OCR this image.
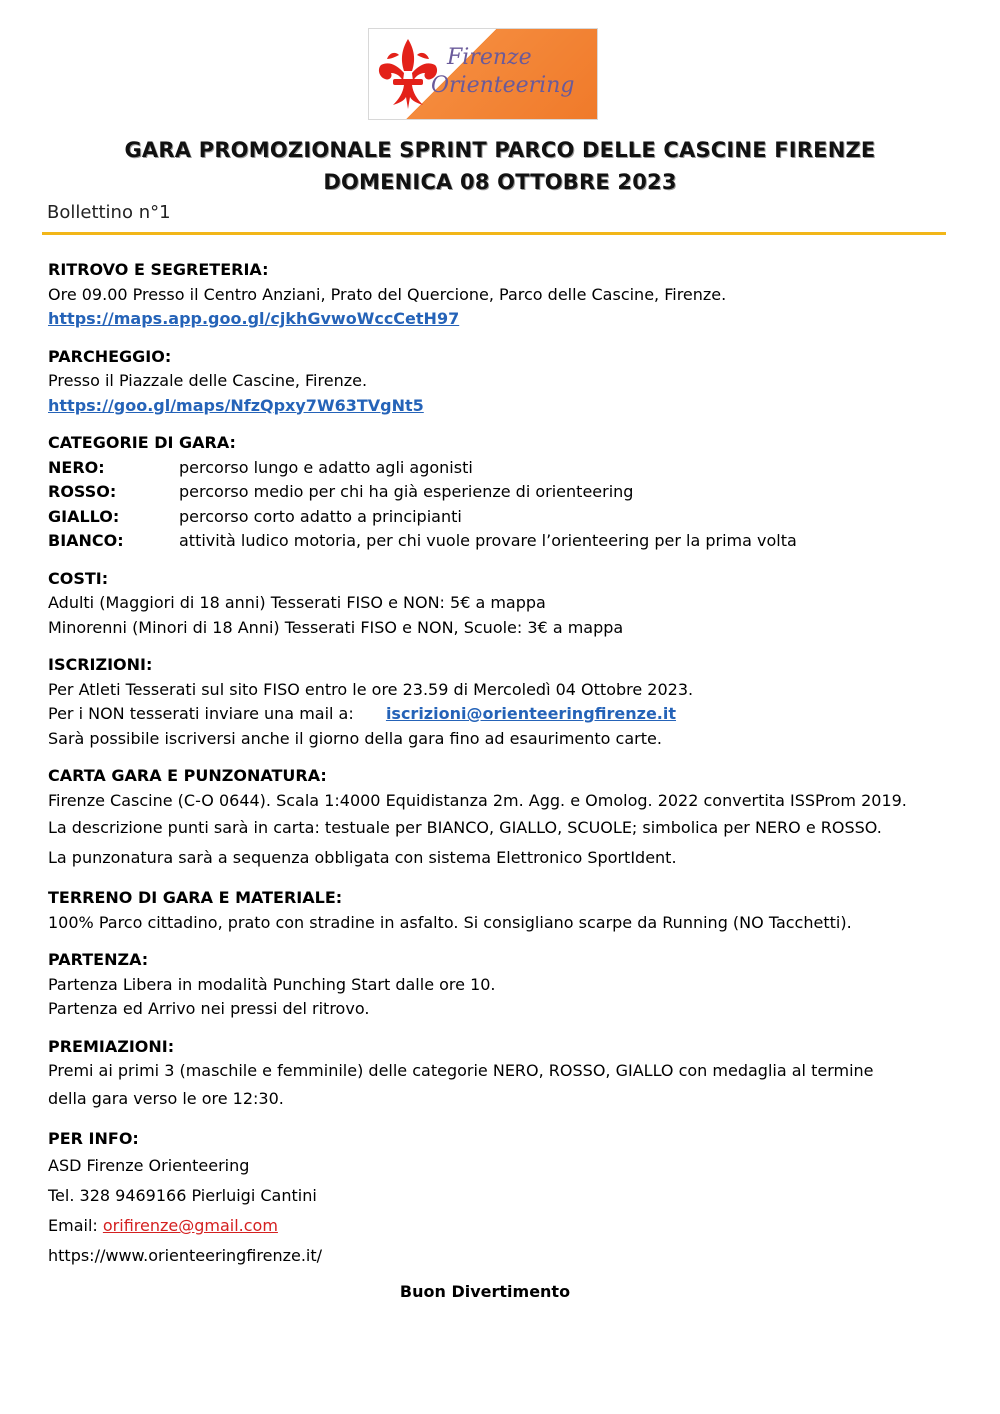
Firenze
Orienteering
GARA PROMOZIONALE SPRINT PARCO DELLE CASCINE FIRENZE
DOMENICA 08 OTTOBRE 2023
Bollettino n°1
RITROVO E SEGRETERIA:
Ore 09.00 Presso il Centro Anziani, Prato del Quercione, Parco delle Cascine, Firenze.
https://maps.app.goo.gl/cjkhGvwoWccCetH97
PARCHEGGIO:
Presso il Piazzale delle Cascine, Firenze.
https://goo.gl/maps/NfzQpxy7W63TVgNt5
CATEGORIE DI GARA:
NERO:	percorso lungo e adatto agli agonisti
ROSSO:	percorso medio per chi ha già esperienze di orienteering
GIALLO:	percorso corto adatto a principianti
BIANCO:	attività ludico motoria, per chi vuole provare l’orienteering per la prima volta
COSTI:
Adulti (Maggiori di 18 anni) Tesserati FISO e NON: 5€ a mappa
Minorenni (Minori di 18 Anni) Tesserati FISO e NON, Scuole: 3€ a mappa
ISCRIZIONI:
Per Atleti Tesserati sul sito FISO entro le ore 23.59 di Mercoledì 04 Ottobre 2023.
Per i NON tesserati inviare una mail a: iscrizioni@orienteeringfirenze.it
Sarà possibile iscriversi anche il giorno della gara fino ad esaurimento carte.
CARTA GARA E PUNZONATURA:
Firenze Cascine (C-O 0644). Scala 1:4000 Equidistanza 2m. Agg. e Omolog. 2022 convertita ISSProm 2019.
La descrizione punti sarà in carta: testuale per BIANCO, GIALLO, SCUOLE; simbolica per NERO e ROSSO.
La punzonatura sarà a sequenza obbligata con sistema Elettronico SportIdent.
TERRENO DI GARA E MATERIALE:
100% Parco cittadino, prato con stradine in asfalto. Si consigliano scarpe da Running (NO Tacchetti).
PARTENZA:
Partenza Libera in modalità Punching Start dalle ore 10.
Partenza ed Arrivo nei pressi del ritrovo.
PREMIAZIONI:
Premi ai primi 3 (maschile e femminile) delle categorie NERO, ROSSO, GIALLO con medaglia al termine
della gara verso le ore 12:30.
PER INFO:
ASD Firenze Orienteering
Tel. 328 9469166 Pierluigi Cantini
Email: orifirenze@gmail.com
https://www.orienteeringfirenze.it/
Buon Divertimento
